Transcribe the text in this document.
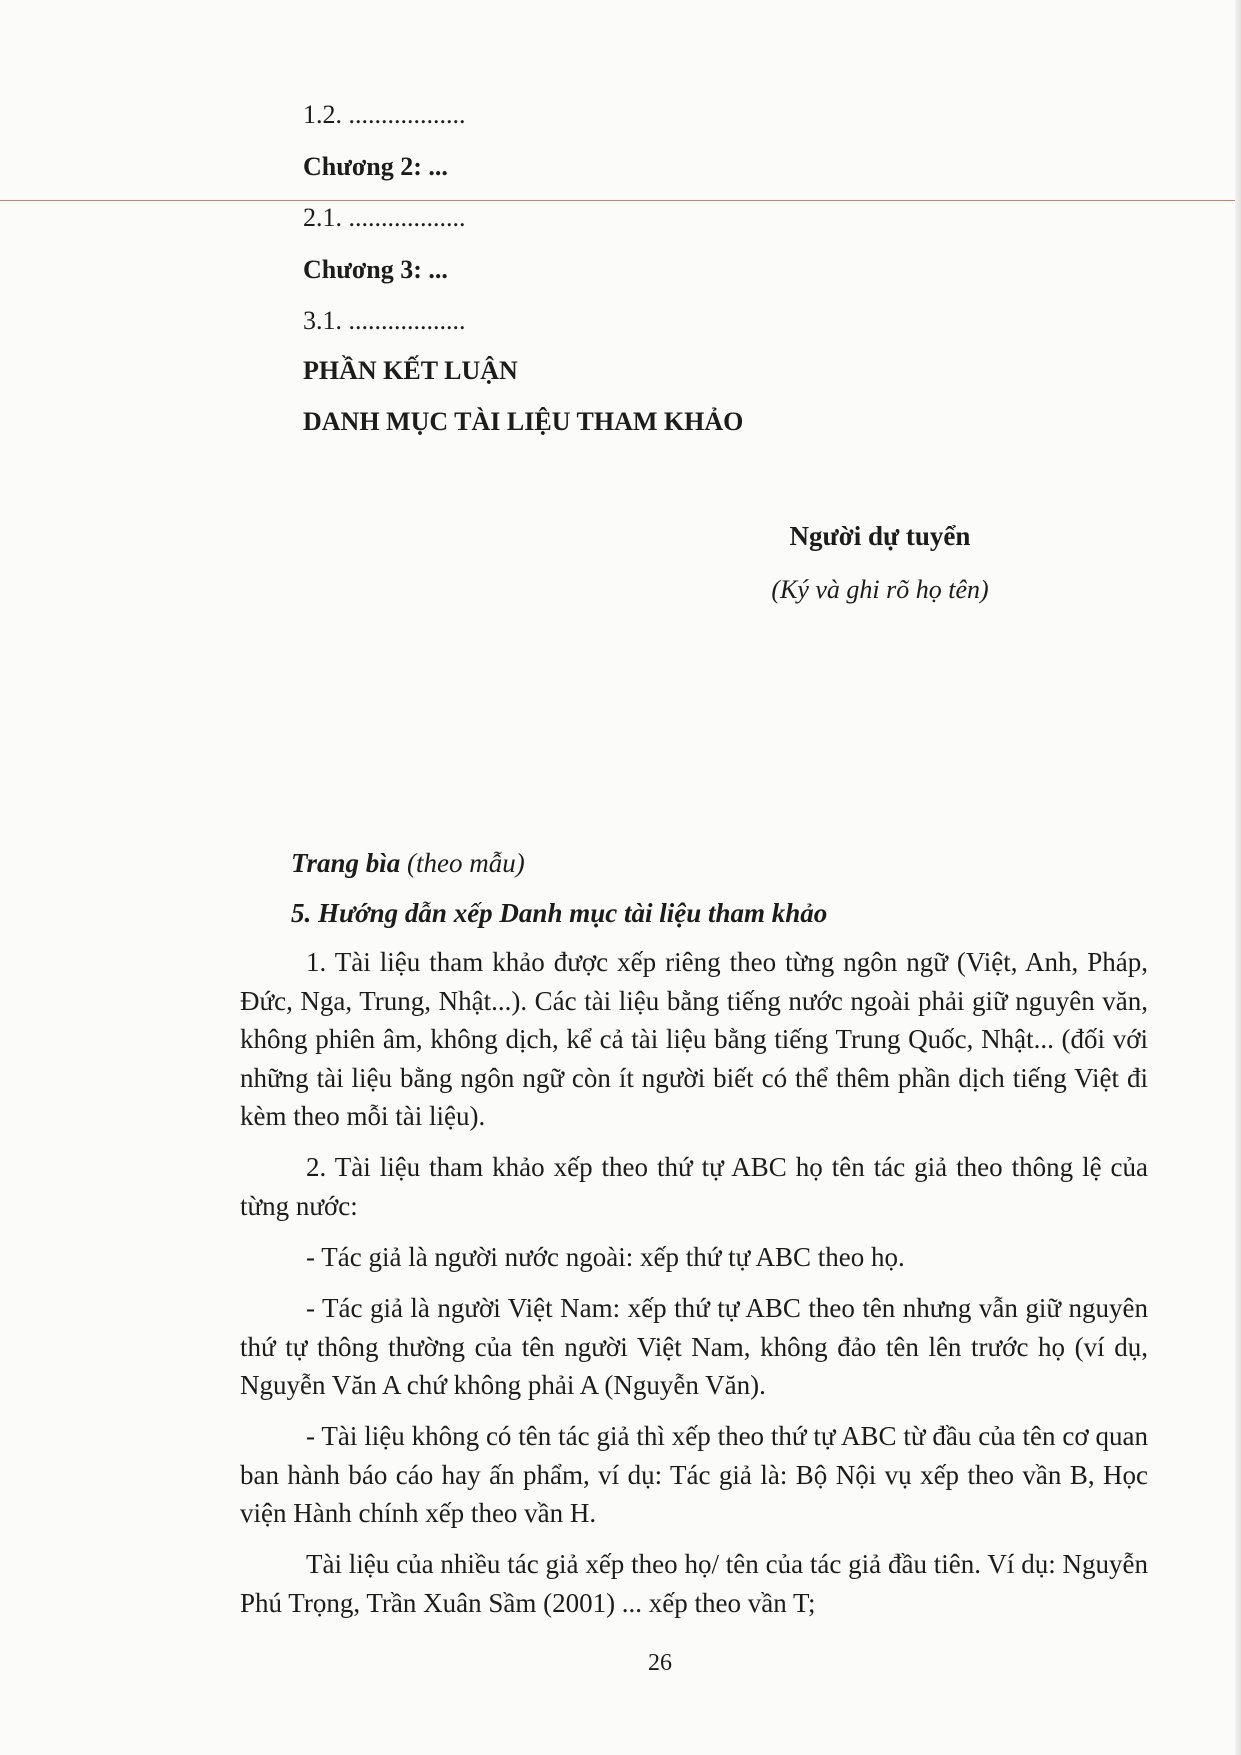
1.2. ..................

Chương 2: ...

2.1. ..................

Chương 3: ...

3.1. ..................

PHẦN KẾT LUẬN

DANH MỤC TÀI LIỆU THAM KHẢO

Người dự tuyển
(Ký và ghi rõ họ tên)

Trang bìa (theo mẫu)

5. Hướng dẫn xếp Danh mục tài liệu tham khảo

1. Tài liệu tham khảo được xếp riêng theo từng ngôn ngữ (Việt, Anh, Pháp, Đức, Nga, Trung, Nhật...). Các tài liệu bằng tiếng nước ngoài phải giữ nguyên văn, không phiên âm, không dịch, kể cả tài liệu bằng tiếng Trung Quốc, Nhật... (đối với những tài liệu bằng ngôn ngữ còn ít người biết có thể thêm phần dịch tiếng Việt đi kèm theo mỗi tài liệu).

2. Tài liệu tham khảo xếp theo thứ tự ABC họ tên tác giả theo thông lệ của từng nước:

- Tác giả là người nước ngoài: xếp thứ tự ABC theo họ.

- Tác giả là người Việt Nam: xếp thứ tự ABC theo tên nhưng vẫn giữ nguyên thứ tự thông thường của tên người Việt Nam, không đảo tên lên trước họ (ví dụ, Nguyễn Văn A chứ không phải A (Nguyễn Văn).

- Tài liệu không có tên tác giả thì xếp theo thứ tự ABC từ đầu của tên cơ quan ban hành báo cáo hay ấn phẩm, ví dụ: Tác giả là: Bộ Nội vụ xếp theo vần B, Học viện Hành chính xếp theo vần H.

Tài liệu của nhiều tác giả xếp theo họ/ tên của tác giả đầu tiên. Ví dụ: Nguyễn Phú Trọng, Trần Xuân Sầm (2001) ... xếp theo vần T;

26
